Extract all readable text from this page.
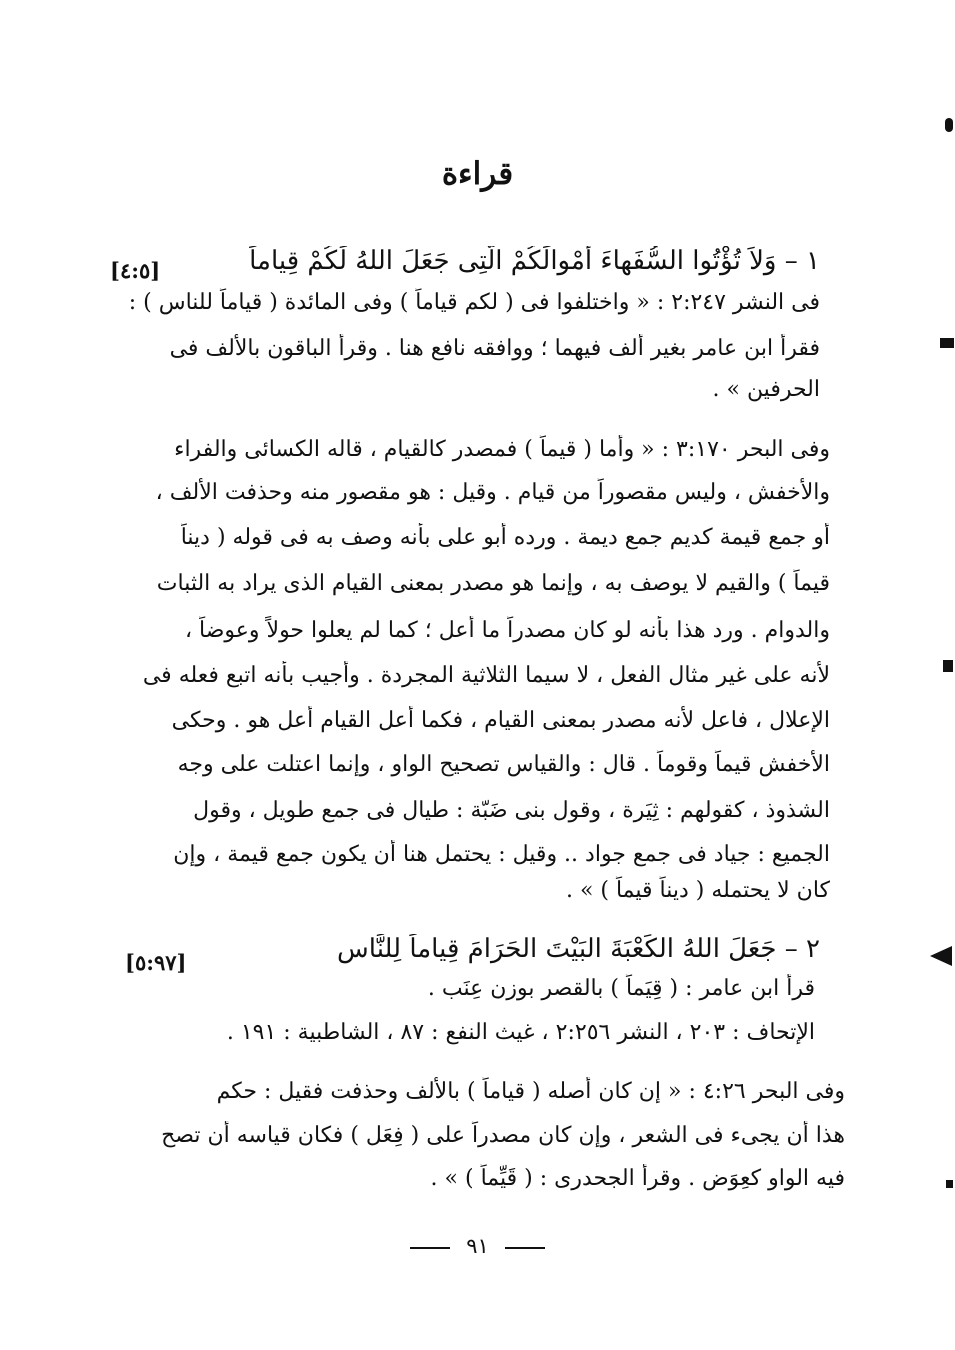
قراءة
١ – وَلاَ تُؤْتُوا السُّفَهاءَ أَمْوالَكُمْ الَّتِى جَعَلَ اللهُ لَكُمْ قِياماً
[٤:٥]
فى النشر ٢:٢٤٧ : « واختلفوا فى ( لكم قياماً ) وفى المائدة ( قياماً للناس ) :
فقرأ ابن عامر بغير ألف فيهما ؛ ووافقه نافع هنا . وقرأ الباقون بالألف فى
الحرفين » .
وفى البحر ٣:١٧٠ : « وأما ( قيماً ) فمصدر كالقيام ، قاله الكسائى والفراء
والأخفش ، وليس مقصوراً من قيام . وقيل : هو مقصور منه وحذفت الألف ،
أو جمع قيمة كديم جمع ديمة . ورده أبو على بأنه وصف به فى قوله ( ديناً
قيماً ) والقيم لا يوصف به ، وإنما هو مصدر بمعنى القيام الذى يراد به الثبات
والدوام . ورد هذا بأنه لو كان مصدراً ما أعل ؛ كما لم يعلوا حولاً وعوضاً ،
لأنه على غير مثال الفعل ، لا سيما الثلاثية المجردة . وأجيب بأنه اتبع فعله فى
الإعلال ، فاعل لأنه مصدر بمعنى القيام ، فكما أعل القيام أعل هو . وحكى
الأخفش قيماً وقوماً . قال : والقياس تصحيح الواو ، وإنما اعتلت على وجه
الشذوذ ، كقولهم : ثِيَرة ، وقول بنى ضَبّة : طيال فى جمع طويل ، وقول
الجميع : جياد فى جمع جواد .. وقيل : يحتمل هنا أن يكون جمع قيمة ، وإن
كان لا يحتمله ( ديناً قيماً ) » .
٢ – جَعَلَ اللهُ الكَعْبَةَ البَيْتَ الحَرَامَ قِياماً لِلنَّاسِ
[٥:٩٧]
قرأ ابن عامر : ( قِيَماً ) بالقصر بوزن عِنَب .
الإتحاف : ٢٠٣ ، النشر ٢:٢٥٦ ، غيث النفع : ٨٧ ، الشاطبية : ١٩١ .
وفى البحر ٤:٢٦ : « إن كان أصله ( قياماً ) بالألف وحذفت فقيل : حكم
هذا أن يجىء فى الشعر ، وإن كان مصدراً على ( فِعَل ) فكان قياسه أن تصح
فيه الواو كعِوَض . وقرأ الجحدرى : ( قَيِّماً ) » .
٩١
